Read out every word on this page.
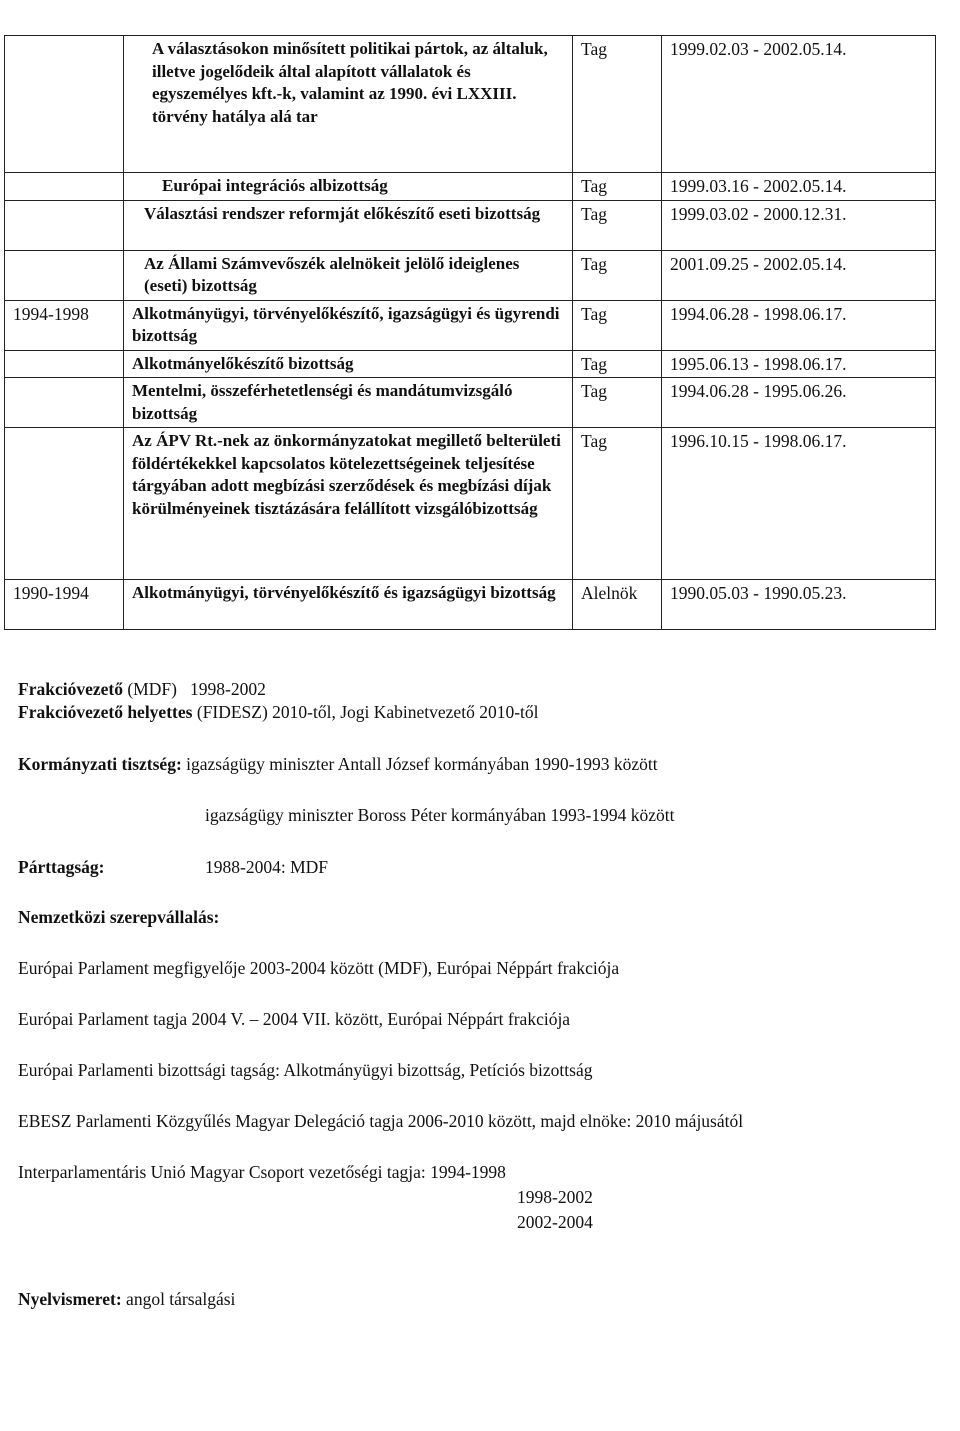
	A választásokon minősített politikai pártok, az általuk, illetve jogelődeik által alapított vállalatok és egyszemélyes kft.-k, valamint az 1990. évi LXXIII. törvény hatálya alá tar	Tag	1999.02.03 - 2002.05.14.

	Európai integrációs albizottság	Tag	1999.03.16 - 2002.05.14.

	Választási rendszer reformját előkészítő eseti bizottság	Tag	1999.03.02 - 2000.12.31.

	Az Állami Számvevőszék alelnökeit jelölő ideiglenes (eseti) bizottság	Tag	2001.09.25 - 2002.05.14.
1994-1998	Alkotmányügyi, törvényelőkészítő, igazságügyi és ügyrendi bizottság	Tag	1994.06.28 - 1998.06.17.
	Alkotmányelőkészítő bizottság	Tag	1995.06.13 - 1998.06.17.
	Mentelmi, összeférhetetlenségi és mandátumvizsgáló bizottság	Tag	1994.06.28 - 1995.06.26.
	Az ÁPV Rt.-nek az önkormányzatokat megillető belterületi földértékekkel kapcsolatos kötelezettségeinek teljesítése tárgyában adott megbízási szerződések és megbízási díjak körülményeinek tisztázására felállított vizsgálóbizottság	Tag	1996.10.15 - 1998.06.17.
1990-1994	Alkotmányügyi, törvényelőkészítő és igazságügyi bizottság	Alelnök	1990.05.03 - 1990.05.23.
Frakcióvezető (MDF)   1998-2002
Frakcióvezető helyettes (FIDESZ) 2010-től, Jogi Kabinetvezető 2010-től
Kormányzati tisztség: igazságügy miniszter Antall József kormányában 1990-1993 között
igazságügy miniszter Boross Péter kormányában 1993-1994 között
Párttagság:	1988-2004: MDF
Nemzetközi szerepvállalás:
Európai Parlament megfigyelője 2003-2004 között (MDF), Európai Néppárt frakciója
Európai Parlament tagja 2004 V. – 2004 VII. között, Európai Néppárt frakciója
Európai Parlamenti bizottsági tagság: Alkotmányügyi bizottság, Petíciós bizottság
EBESZ Parlamenti Közgyűlés Magyar Delegáció tagja 2006-2010 között, majd elnöke: 2010 májusától
Interparlamentáris Unió Magyar Csoport vezetőségi tagja: 1994-1998
1998-2002
2002-2004
Nyelvismeret: angol társalgási
